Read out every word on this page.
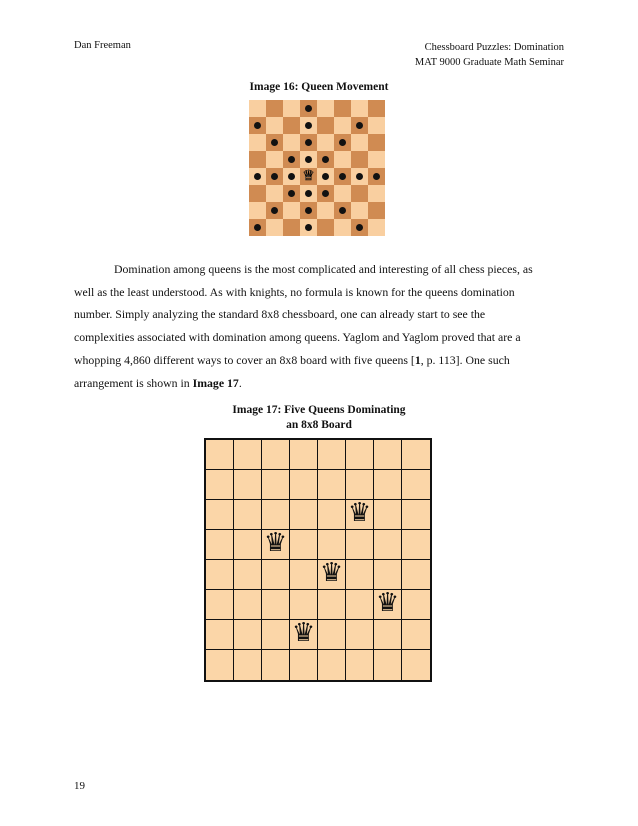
Dan Freeman	Chessboard Puzzles: Domination
MAT 9000 Graduate Math Seminar
Image 16: Queen Movement
♕
Domination among queens is the most complicated and interesting of all chess pieces, as
well as the least understood. As with knights, no formula is known for the queens domination
number. Simply analyzing the standard 8x8 chessboard, one can already start to see the
complexities associated with domination among queens. Yaglom and Yaglom proved that are a
whopping 4,860 different ways to cover an 8x8 board with five queens [1, p. 113]. One such
arrangement is shown in Image 17.
Image 17: Five Queens Dominating
an 8x8 Board
♛
♛
♛
♛
♛
19
